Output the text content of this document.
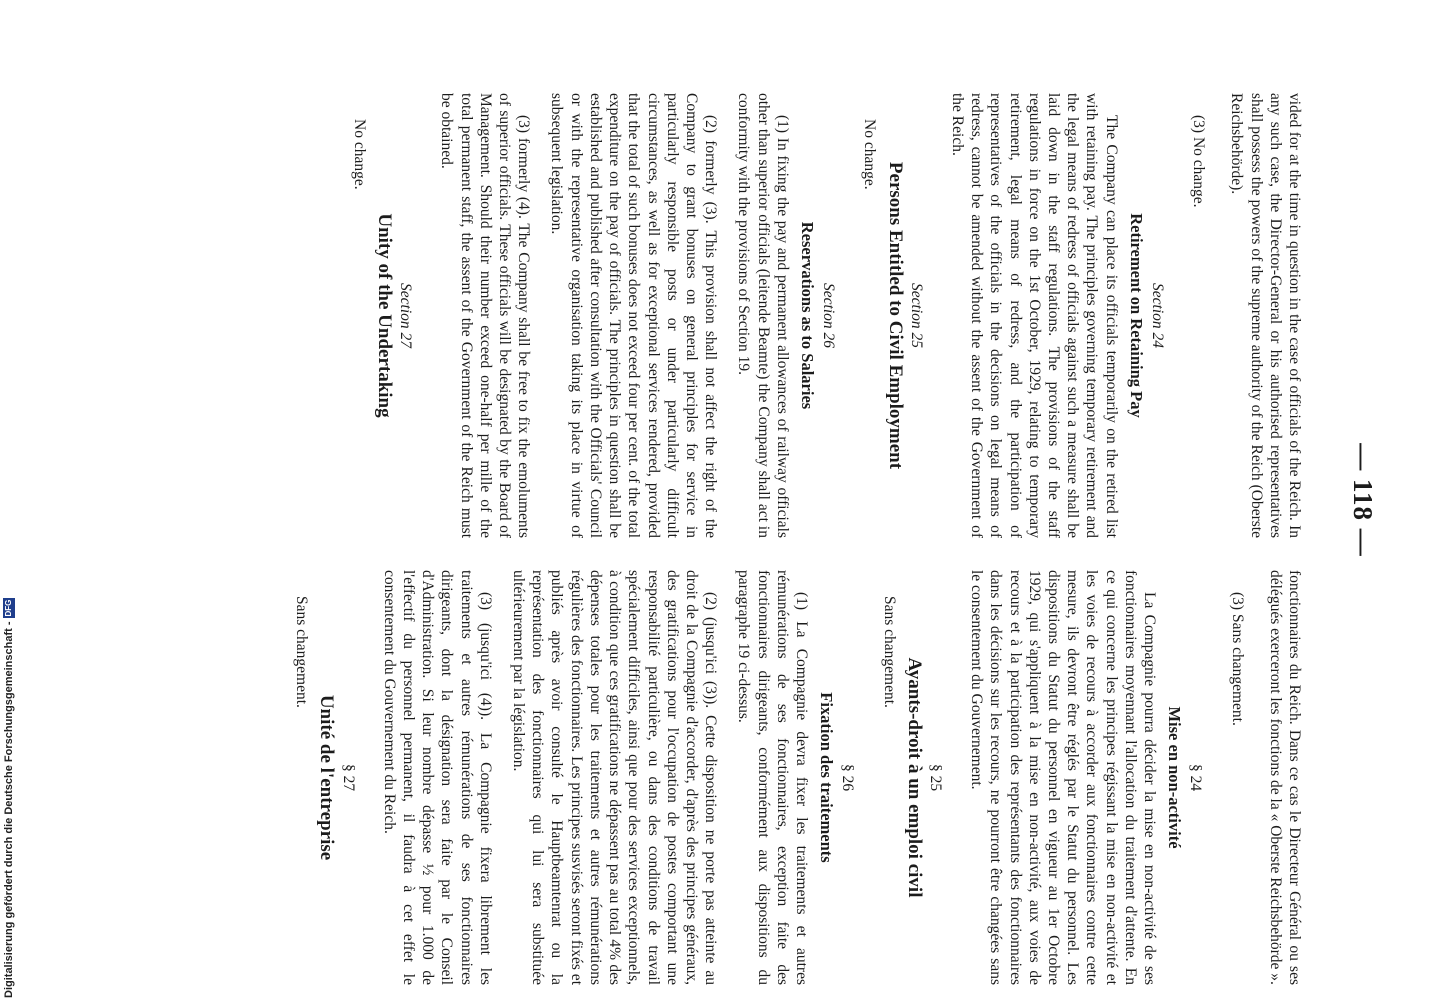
— 118 —

vided for at the time in question in the case of officials of the Reich. In any such case, the Director-General or his authorised representatives shall possess the powers of the supreme authority of the Reich (Oberste Reichsbehörde).

(3) No change.

Section 24
Retirement on Retaining Pay

The Company can place its officials temporarily on the retired list with retaining pay. The principles governing temporary retirement and the legal means of redress of officials against such a measure shall be laid down in the staff regulations. The provisions of the staff regulations in force on the 1st October, 1929, relating to temporary retirement, legal means of redress, and the participation of representatives of the officials in the decisions on legal means of redress, cannot be amended without the assent of the Government of the Reich.

Section 25
Persons Entitled to Civil Employment
No change.
Section 26
Reservations as to Salaries

(1) In fixing the pay and permanent allowances of railway officials other than superior officials (leitende Beamte) the Company shall act in conformity with the provisions of Section 19.

(2) formerly (3). This provision shall not affect the right of the Company to grant bonuses on general principles for service in particularly responsible posts or under particularly difficult circumstances, as well as for exceptional services rendered, provided that the total of such bonuses does not exceed four per cent. of the total expenditure on the pay of officials. The principles in question shall be established and published after consultation with the Officials' Council or with the representative organisation taking its place in virtue of subsequent legislation.

(3) formerly (4). The Company shall be free to fix the emoluments of superior officials. These officials will be designated by the Board of Management. Should their number exceed one-half per mille of the total permanent staff, the assent of the Government of the Reich must be obtained.

Section 27
Unity of the Undertaking
No change.

fonctionnaires du Reich. Dans ce cas le Directeur Général ou ses délégués exerceront les fonctions de la « Oberste Reichsbehörde ».

(3) Sans changement.

§ 24
Mise en non-activité

La Compagnie pourra décider la mise en non-activité de ses fonctionnaires moyennant l'allocation du traitement d'attente. En ce qui concerne les principes régissant la mise en non-activité et les voies de recours à accorder aux fonctionnaires contre cette mesure, ils devront être réglés par le Statut du personnel. Les dispositions du Statut du personnel en vigueur au 1er Octobre 1929, qui s'appliquent à la mise en non-activité, aux voies de recours et à la participation des représentants des fonctionnaires dans les décisions sur les recours, ne pourront être changées sans le consentement du Gouvernement.

§ 25
Ayants-droit à un emploi civil
Sans changement.
§ 26
Fixation des traitements

(1) La Compagnie devra fixer les traitements et autres rémunérations de ses fonctionnaires, exception faite des fonctionnaires dirigeants, conformément aux dispositions du paragraphe 19 ci-dessus.

(2) (jusqu'ici (3)). Cette disposition ne porte pas atteinte au droit de la Compagnie d'accorder, d'après des principes généraux, des gratifications pour l'occupation de postes comportant une responsabilité particulière, ou dans des conditions de travail spécialement difficiles, ainsi que pour des services exceptionnels, à condition que ces gratifications ne dépassent pas au total 4% des dépenses totales pour les traitements et autres rémunérations régulières des fonctionnaires. Les principes susvisés seront fixés et publiés après avoir consulté le Hauptbeamtenrat ou la représentation des fonctionnaires qui lui sera substituée ultérieurement par la législation.

(3) (jusqu'ici (4)). La Compagnie fixera librement les traitements et autres rémunérations de ses fonctionnaires dirigeants, dont la désignation sera faite par le Conseil d'Administration. Si leur nombre dépasse ½ pour 1.000 de l'effectif du personnel permanent, il faudra à cet effet le consentement du Gouvernement du Reich.

§ 27
Unité de l'entreprise
Sans changement.
Digitalisierung gefördert durch die Deutsche Forschungsgemeinschaft -
DFG
